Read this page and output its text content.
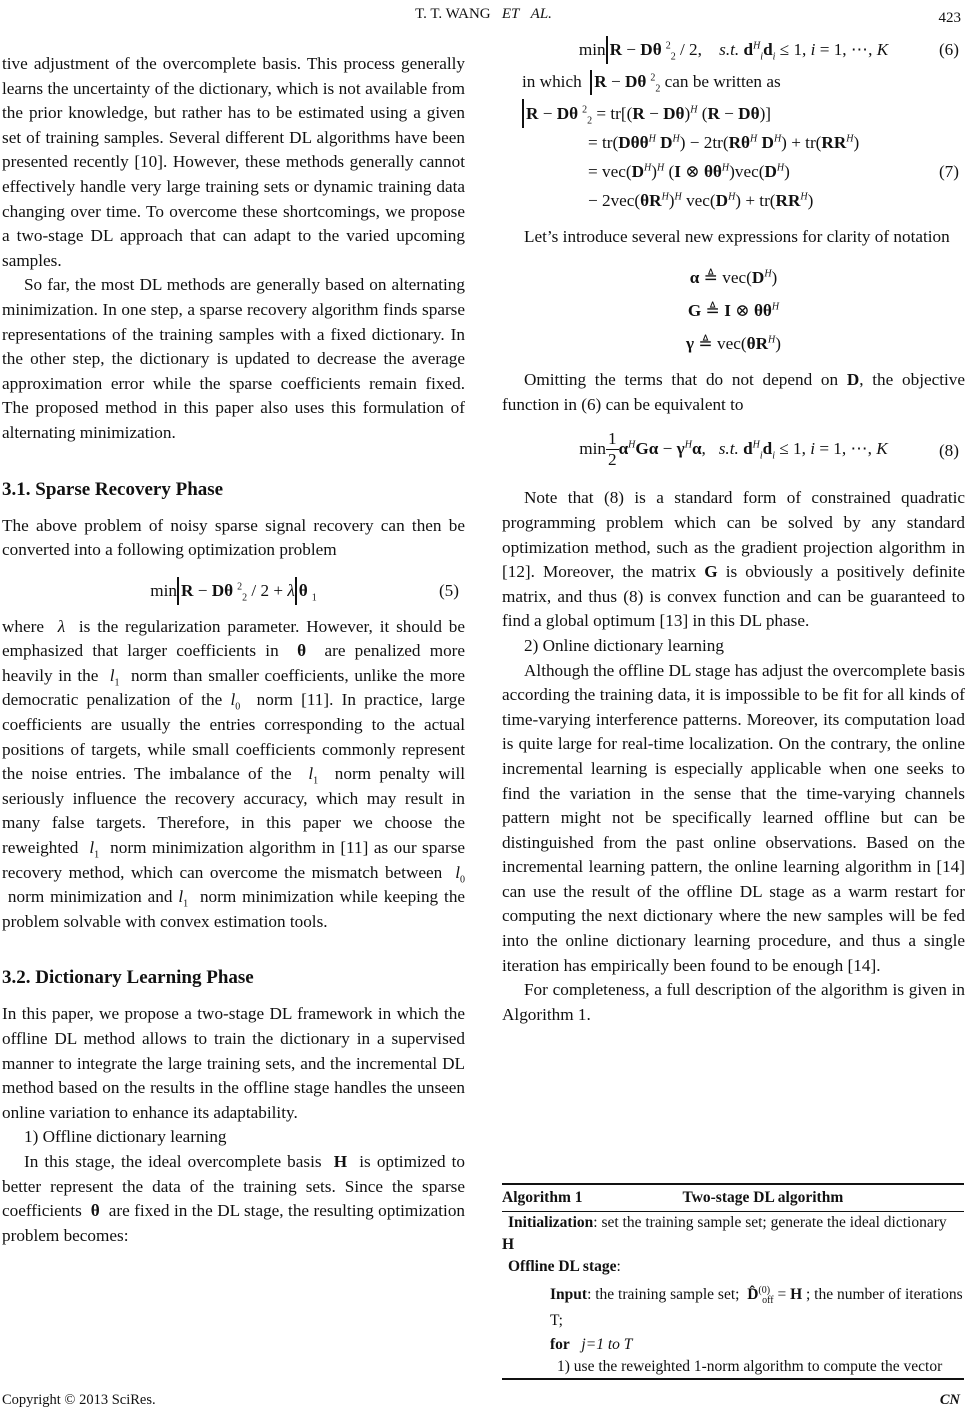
T. T. WANG ET AL.	423

tive adjustment of the overcomplete basis. This process generally learns the uncertainty of the dictionary, which is not available from the prior knowledge, but rather has to be estimated using a given set of training samples. Several different DL algorithms have been presented recently [10]. However, these methods generally cannot effectively handle very large training sets or dynamic training data changing over time. To overcome these shortcomings, we propose a two-stage DL approach that can adapt to the varied upcoming samples.

So far, the most DL methods are generally based on alternating minimization. In one step, a sparse recovery algorithm finds sparse representations of the training samples with a fixed dictionary. In the other step, the dictionary is updated to decrease the average approximation error while the sparse coefficients remain fixed. The proposed method in this paper also uses this formulation of alternating minimization.

3.1. Sparse Recovery Phase

The above problem of noisy sparse signal recovery can then be converted into a following optimization problem

min R − Dθ $^2_2$ / 2 + λ θ $_1$	(5)

where λ is the regularization parameter. However, it should be emphasized that larger coefficients in θ are penalized more heavily in the $l_1$ norm than smaller coefficients, unlike the more democratic penalization of the $l_0$ norm [11]. In practice, large coefficients are usually the entries corresponding to the actual positions of targets, while small coefficients commonly represent the noise entries. The imbalance of the $l_1$ norm penalty will seriously influence the recovery accuracy, which may result in many false targets. Therefore, in this paper we choose the reweighted $l_1$ norm minimization algorithm in [11] as our sparse recovery method, which can overcome the mismatch between $l_0$  norm minimization and $l_1$ norm minimization while keeping the problem solvable with convex estimation tools.

3.2. Dictionary Learning Phase

In this paper, we propose a two-stage DL framework in which the offline DL method allows to train the dictionary in a supervised manner to integrate the large training sets, and the incremental DL method based on the results in the offline stage handles the unseen online variation to enhance its adaptability.

1) Offline dictionary learning

In this stage, the ideal overcomplete basis H is optimized to better represent the data of the training sets. Since the sparse coefficients θ are fixed in the DL stage, the resulting optimization problem becomes:

min R − Dθ $^2_2$ / 2,    s.t. $d^H_id_i \le 1$, i = 1, ⋯, K	(6)

in which R − Dθ $^2_2$ can be written as

R − Dθ $^2_2 = tr[(R - D\theta)^H$ (R − Dθ)]
= tr(Dθθ$^H$ $D^H) - 2tr(R\theta^H$ $D^H) + tr(RR^H)$
= $vec(D^H)^H$ (I ⊗ $\theta\theta^H)vec(D^H)$
− $2vec(\theta R^H)^H$ $vec(D^H) + tr(RR^H)$
(7)

Let’s introduce several new expressions for clarity of notation

α ≜ $vec(D^H)$
G ≜ I ⊗ $\theta\theta^H$
γ ≜ $vec(\theta R^H)$

Omitting the terms that do not depend on D, the objective function in (6) can be equivalent to

$\min \frac{1}{2} \alpha^HG\alpha - \gamma^H\alpha$,   s.t. $d^H_id_i \le 1$, i = 1, ⋯, K	(8)

Note that (8) is a standard form of constrained quadratic programming problem which can be solved by any standard optimization method, such as the gradient projection algorithm in [12]. Moreover, the matrix G is obviously a positively definite matrix, and thus (8) is convex function and can be guaranteed to find a global optimum [13] in this DL phase.

2) Online dictionary learning

Although the offline DL stage has adjust the overcomplete basis according the training data, it is impossible to be fit for all kinds of time-varying interference patterns. Moreover, its computation load is quite large for real-time localization. On the contrary, the online incremental learning is especially applicable when one seeks to find the variation in the sense that the time-varying channels pattern might not be specifically learned offline but can be distinguished from the past online observations. Based on the incremental learning pattern, the online learning algorithm in [14] can use the result of the offline DL stage as a warm restart for computing the next dictionary where the new samples will be fed into the online dictionary learning procedure, and thus a single iteration has empirically been found to be enough [14].

For completeness, a full description of the algorithm is given in Algorithm 1.

Algorithm 1	Two-stage DL algorithm
Initialization: set the training sample set; generate the ideal dictionary
H
Offline DL stage:
Input: the training sample set; D̂$^{(0)}_{off}$ = H ; the number of iterations T;
for j=1 to T
1) use the reweighted 1-norm algorithm to compute the vector
Copyright © 2013 SciRes.	CN
